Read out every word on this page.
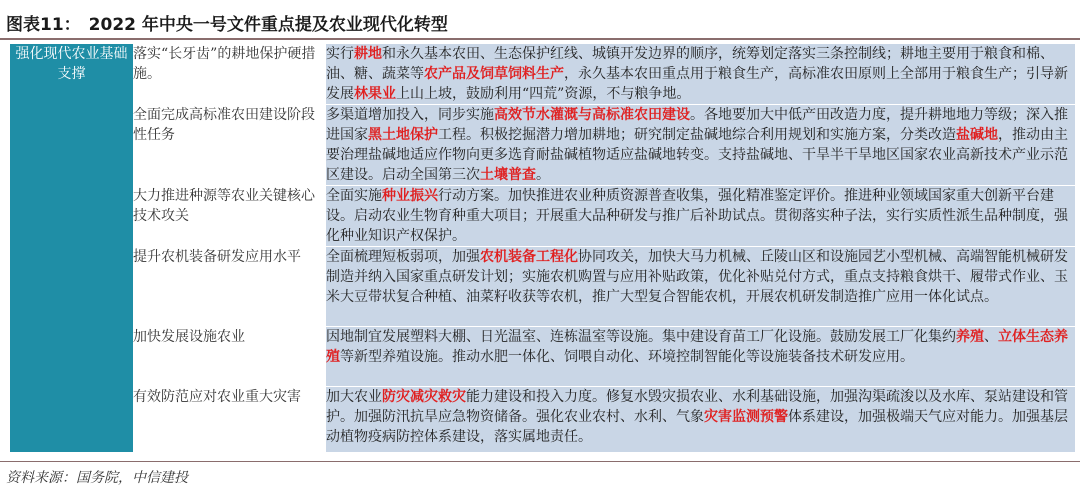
图表11： 2022 年中央一号文件重点提及农业现代化转型
强化现代农业基础支撑	落实“长牙齿”的耕地保护硬措施。	实行耕地和永久基本农田、生态保护红线、城镇开发边界的顺序，统筹划定落实三条控制线；耕地主要用于粮食和棉、油、糖、蔬菜等农产品及饲草饲料生产，永久基本农田重点用于粮食生产，高标准农田原则上全部用于粮食生产；引导新发展林果业上山上坡，鼓励利用“四荒”资源，不与粮争地。
	全面完成高标准农田建设阶段性任务	多渠道增加投入，同步实施高效节水灌溉与高标准农田建设。各地要加大中低产田改造力度，提升耕地地力等级；深入推进国家黑土地保护工程。积极挖掘潜力增加耕地；研究制定盐碱地综合利用规划和实施方案，分类改造盐碱地，推动由主要治理盐碱地适应作物向更多选育耐盐碱植物适应盐碱地转变。支持盐碱地、干旱半干旱地区国家农业高新技术产业示范区建设。启动全国第三次土壤普查。
	大力推进种源等农业关键核心技术攻关	全面实施种业振兴行动方案。加快推进农业种质资源普查收集，强化精准鉴定评价。推进种业领域国家重大创新平台建设。启动农业生物育种重大项目；开展重大品种研发与推广后补助试点。贯彻落实种子法，实行实质性派生品种制度，强化种业知识产权保护。
	提升农机装备研发应用水平	全面梳理短板弱项，加强农机装备工程化协同攻关，加快大马力机械、丘陵山区和设施园艺小型机械、高端智能机械研发制造并纳入国家重点研发计划；实施农机购置与应用补贴政策，优化补贴兑付方式，重点支持粮食烘干、履带式作业、玉米大豆带状复合种植、油菜籽收获等农机，推广大型复合智能农机，开展农机研发制造推广应用一体化试点。
	加快发展设施农业	因地制宜发展塑料大棚、日光温室、连栋温室等设施。集中建设育苗工厂化设施。鼓励发展工厂化集约养殖、立体生态养殖等新型养殖设施。推动水肥一体化、饲喂自动化、环境控制智能化等设施装备技术研发应用。
	有效防范应对农业重大灾害	加大农业防灾减灾救灾能力建设和投入力度。修复水毁灾损农业、水利基础设施，加强沟渠疏浚以及水库、泵站建设和管护。加强防汛抗旱应急物资储备。强化农业农村、水利、气象灾害监测预警体系建设，加强极端天气应对能力。加强基层动植物疫病防控体系建设，落实属地责任。
资料来源：国务院，中信建投
